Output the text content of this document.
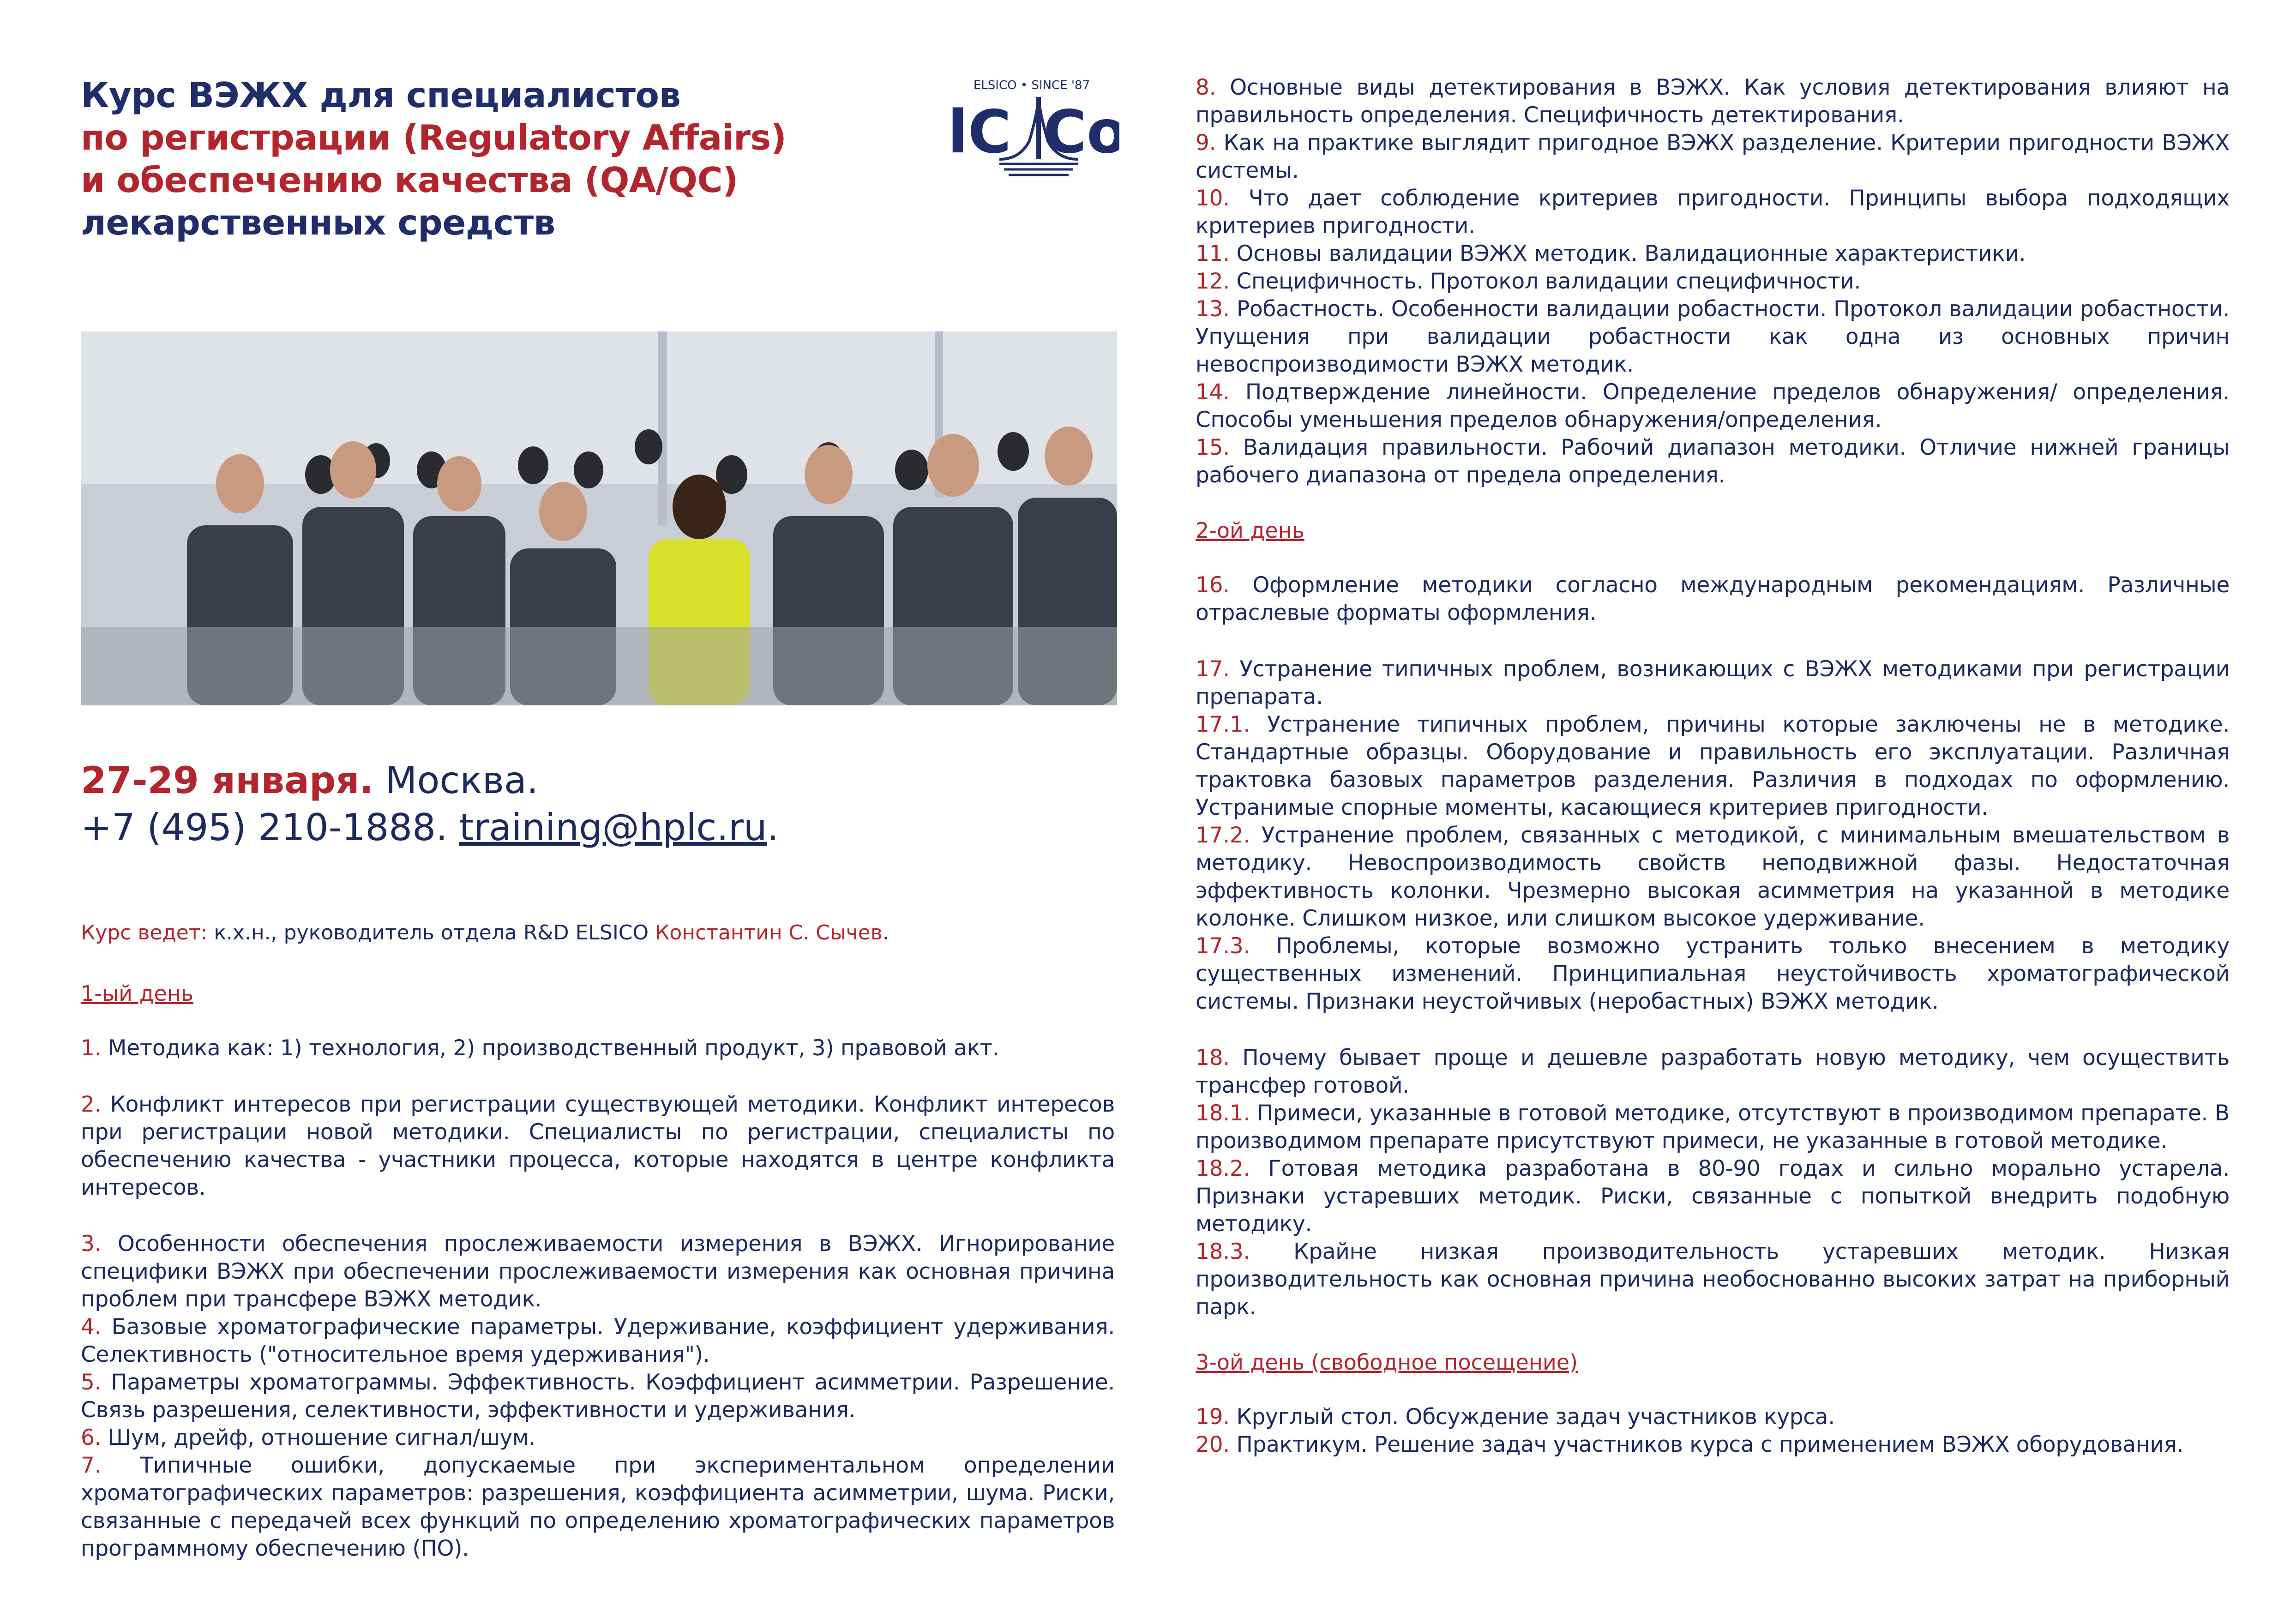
Курс ВЭЖХ для специалистов
по регистрации (Regulatory Affairs)
и обеспечению качества (QA/QC)
лекарственных средств

ELSICO • SINCE '87
lC Co
27-29 января. Москва.
+7 (495) 210-1888. training@hplc.ru.
Курс ведет: к.х.н., руководитель отдела R&D ELSICO Константин С. Сычев.
1-ый день

1. Методика как: 1) технология, 2) производственный продукт, 3) правовой акт.

2. Конфликт интересов при регистрации существующей методики. Конфликт интересов при регистрации новой методики. Специалисты по регистрации, специалисты по обеспечению качества - участники процесса, которые находятся в центре конфликта интересов.

3. Особенности обеспечения прослеживаемости измерения в ВЭЖХ. Игнорирование специфики ВЭЖХ при обеспечении прослеживаемости измерения как основная причина проблем при трансфере ВЭЖХ методик.

4. Базовые хроматографические параметры. Удерживание, коэффициент удерживания. Селективность ("относительное время удерживания").

5. Параметры хроматограммы. Эффективность. Коэффициент асимметрии. Разрешение. Связь разрешения, селективности, эффективности и удерживания.

6. Шум, дрейф, отношение сигнал/шум.

7. Типичные ошибки, допускаемые при экспериментальном определении хроматографических параметров: разрешения, коэффициента асимметрии, шума. Риски, связанные с передачей всех функций по определению хроматографических параметров программному обеспечению (ПО).

8. Основные виды детектирования в ВЭЖХ. Как условия детектирования влияют на правильность определения. Специфичность детектирования.

9. Как на практике выглядит пригодное ВЭЖХ разделение. Критерии пригодности ВЭЖХ системы.

10. Что дает соблюдение критериев пригодности. Принципы выбора подходящих критериев пригодности.

11. Основы валидации ВЭЖХ методик. Валидационные характеристики.

12. Специфичность. Протокол валидации специфичности.

13. Робастность. Особенности валидации робастности. Протокол валидации робастности. Упущения при валидации робастности как одна из основных причин невоспроизводимости ВЭЖХ методик.

14. Подтверждение линейности. Определение пределов обнаружения/ определения. Способы уменьшения пределов обнаружения/определения.

15. Валидация правильности. Рабочий диапазон методики. Отличие нижней границы рабочего диапазона от предела определения.

2-ой день

16. Оформление методики согласно международным рекомендациям. Различные отраслевые форматы оформления.

17. Устранение типичных проблем, возникающих с ВЭЖХ методиками при регистрации препарата.

17.1. Устранение типичных проблем, причины которые заключены не в методике. Стандартные образцы. Оборудование и правильность его эксплуатации. Различная трактовка базовых параметров разделения. Различия в подходах по оформлению. Устранимые спорные моменты, касающиеся критериев пригодности.

17.2. Устранение проблем, связанных с методикой, с минимальным вмешательством в методику. Невоспроизводимость свойств неподвижной фазы. Недостаточная эффективность колонки. Чрезмерно высокая асимметрия на указанной в методике колонке. Слишком низкое, или слишком высокое удерживание.

17.3. Проблемы, которые возможно устранить только внесением в методику существенных изменений. Принципиальная неустойчивость хроматографической системы. Признаки неустойчивых (неробастных) ВЭЖХ методик.

18. Почему бывает проще и дешевле разработать новую методику, чем осуществить трансфер готовой.

18.1. Примеси, указанные в готовой методике, отсутствуют в производимом препарате. В производимом препарате присутствуют примеси, не указанные в готовой методике.

18.2. Готовая методика разработана в 80-90 годах и сильно морально устарела. Признаки устаревших методик. Риски, связанные с попыткой внедрить подобную методику.

18.3. Крайне низкая производительность устаревших методик. Низкая производительность как основная причина необоснованно высоких затрат на приборный парк.

3-ой день (свободное посещение)

19. Круглый стол. Обсуждение задач участников курса.

20. Практикум. Решение задач участников курса с применением ВЭЖХ оборудования.
